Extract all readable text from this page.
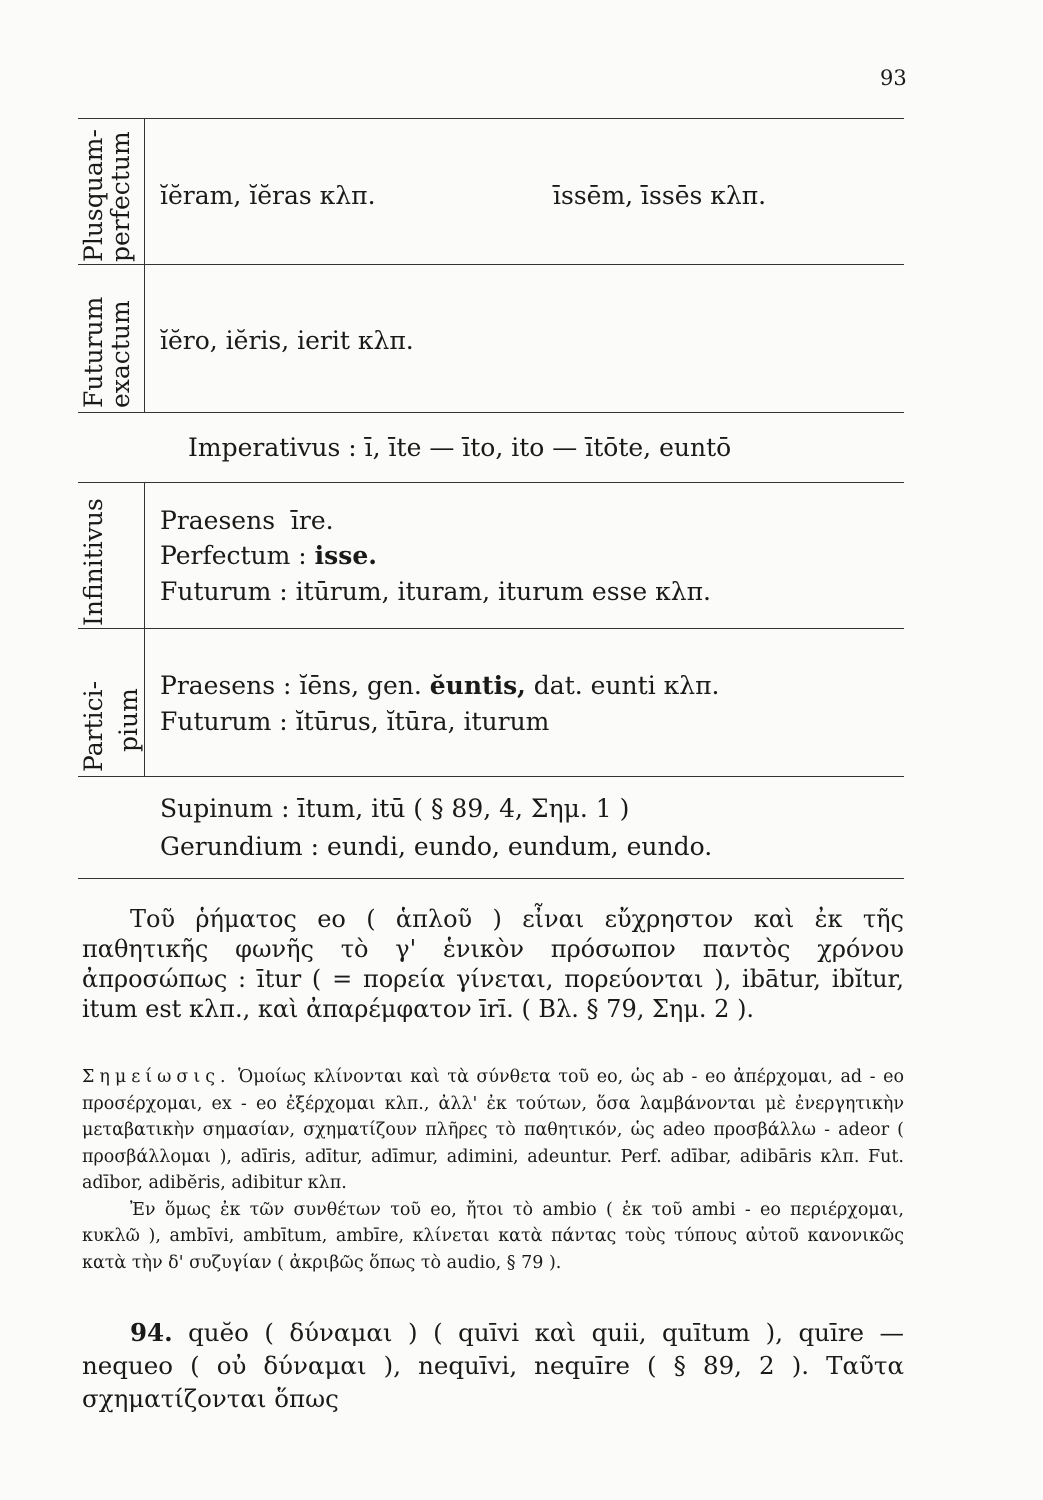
93
Plusquam-
perfectum ĭĕram, ĭĕras κλπ.	īssēm, īssēs κλπ.
Futurum
exactum ĭĕro, iĕris, ierit κλπ.
Imperativus : ī, īte — īto, ito — ītōte, euntō
Infinitivus Praesens  īre.
Perfectum : isse.
Futurum : itūrum, ituram, iturum esse κλπ.
Partici- pium
Praesens : ĭēns, gen. ĕuntis, dat. eunti κλπ.
Futurum : ĭtūrus, ĭtūra, iturum
Supinum : ītum, itū ( § 89, 4, Σημ. 1 )
Gerundium : eundi, eundo, eundum, eundo.
Τοῦ ῥήματος eo ( ἁπλοῦ ) εἶναι εὔχρηστον καὶ ἐκ τῆς παθητικῆς φωνῆς τὸ γ' ἑνικὸν πρόσωπον παντὸς χρόνου ἀπροσώπως : ītur ( = πορεία γίνεται, πορεύονται ), ibātur, ibĭtur, itum est κλπ., καὶ ἀπαρέμφατον īrī. ( Βλ. § 79, Σημ. 2 ).
Σημείωσις. Ὁμοίως κλίνονται καὶ τὰ σύνθετα τοῦ eo, ὡς ab - eo ἀπέρχομαι, ad - eo προσέρχομαι, ex - eo ἐξέρχομαι κλπ., ἀλλ' ἐκ τούτων, ὅσα λαμβάνονται μὲ ἐνεργητικὴν μεταβατικὴν σημασίαν, σχηματίζουν πλῆρες τὸ παθητικόν, ὡς adeo προσβάλλω - adeor ( προσβάλλομαι ), adīris, adītur, adīmur, adimini, adeuntur. Perf. adībar, adibāris κλπ. Fut. adībor, adibĕris, adibitur κλπ.
Ἐν ὅμως ἐκ τῶν συνθέτων τοῦ eo, ἤτοι τὸ ambio ( ἐκ τοῦ ambi - eo περιέρχομαι, κυκλῶ ), ambīvi, ambītum, ambīre, κλίνεται κατὰ πάντας τοὺς τύπους αὐτοῦ κανονικῶς κατὰ τὴν δ' συζυγίαν ( ἀκριβῶς ὅπως τὸ audio, § 79 ).
94. quĕo ( δύναμαι ) ( quīvi καὶ quii, quītum ), quīre — nequeo ( οὐ δύναμαι ), nequīvi, nequīre ( § 89, 2 ). Ταῦτα σχηματίζονται ὅπως
